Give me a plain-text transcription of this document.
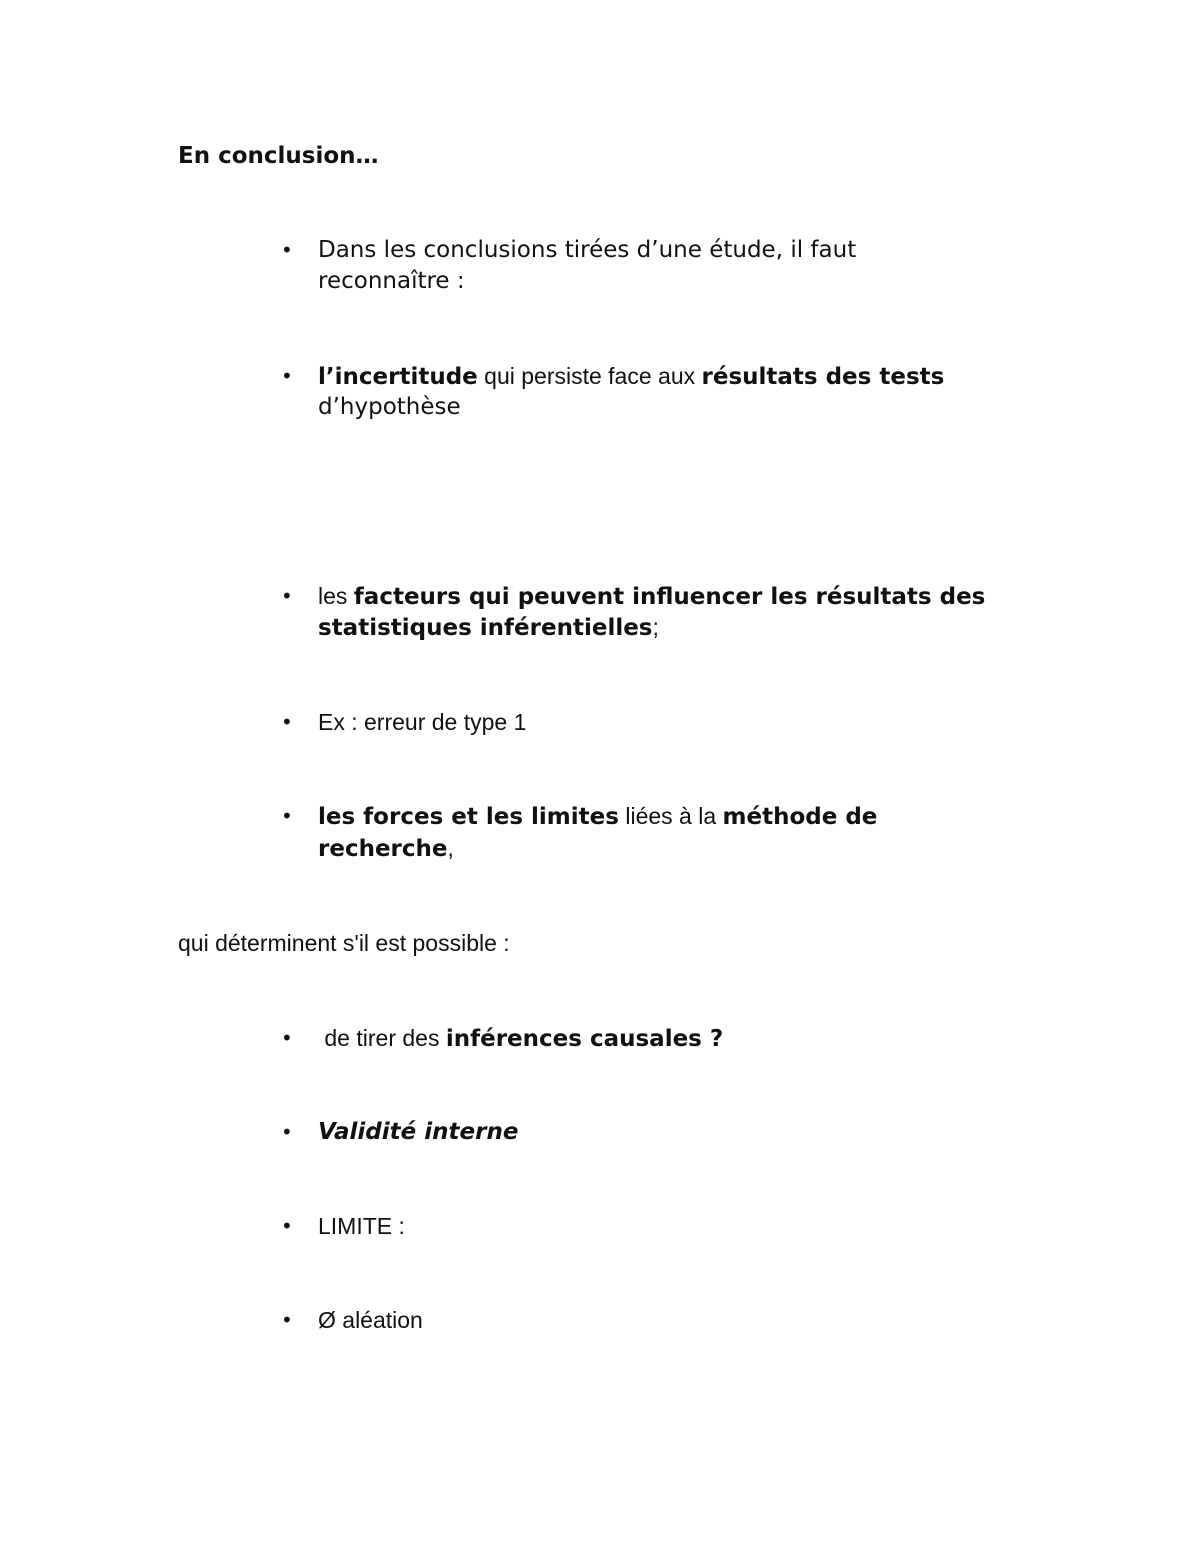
En conclusion…
• Dans les conclusions tirées d’une étude, il faut
reconnaître :
• l’incertitude qui persiste face aux résultats des tests
d’hypothèse
• les facteurs qui peuvent influencer les résultats des
statistiques inférentielles;
• Ex : erreur de type 1
• les forces et les limites liées à la méthode de
recherche,
qui déterminent s'il est possible :
• de tirer des inférences causales ?
• Validité interne
• LIMITE :
• Ø aléation
